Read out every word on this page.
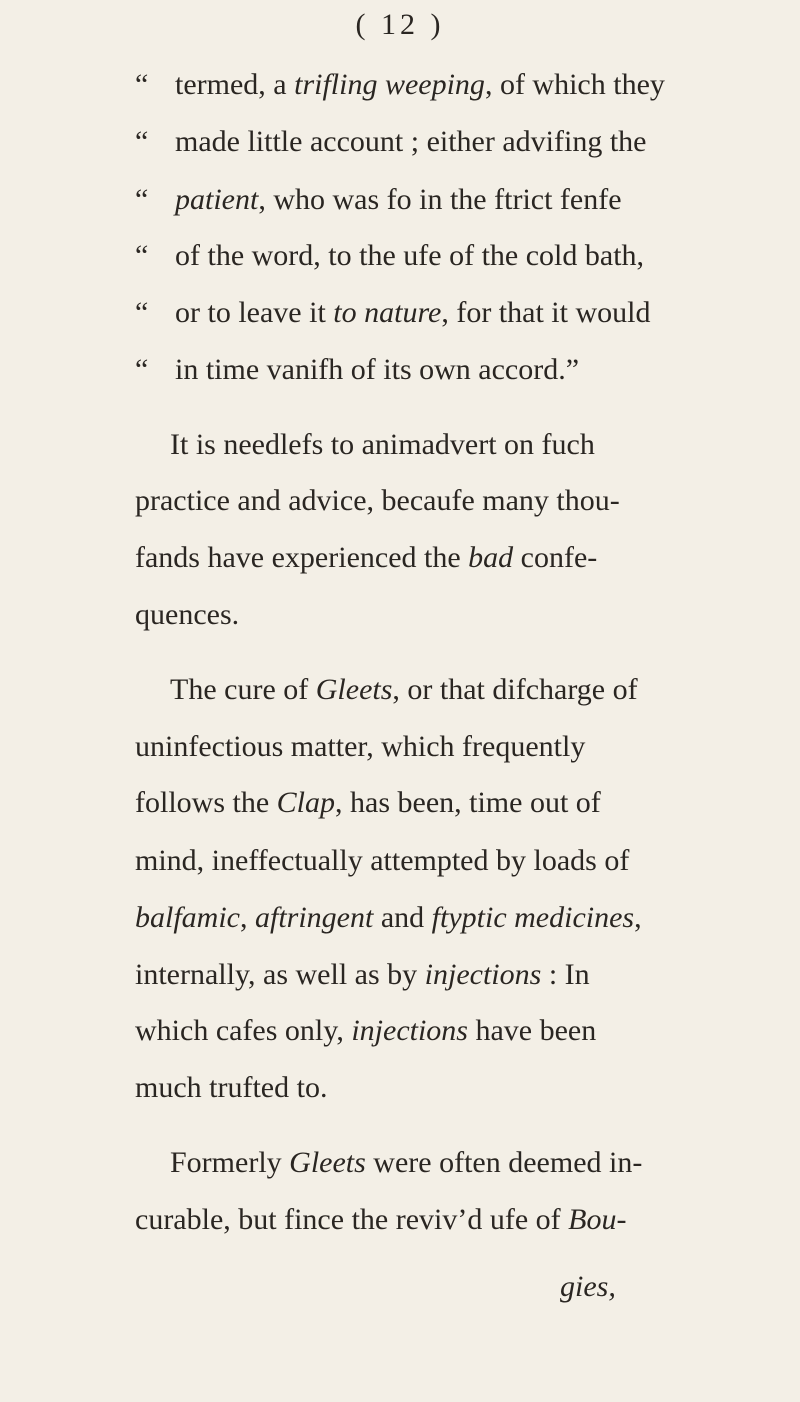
( 12 )
“ termed, a trifling weeping, of which they
“ made little account ; either advifing the
“ patient, who was fo in the ftrict fenfe
“ of the word, to the ufe of the cold bath,
“ or to leave it to nature, for that it would
“ in time vanifh of its own accord.”
It is needlefs to animadvert on fuch
practice and advice, becaufe many thou-
fands have experienced the bad confe-
quences.
The cure of Gleets, or that difcharge of
uninfectious matter, which frequently
follows the Clap, has been, time out of
mind, ineffectually attempted by loads of
balfamic, aftringent and ftyptic medicines,
internally, as well as by injections : In
which cafes only, injections have been
much trufted to.
Formerly Gleets were often deemed in-
curable, but fince the reviv’d ufe of Bou-
gies,
